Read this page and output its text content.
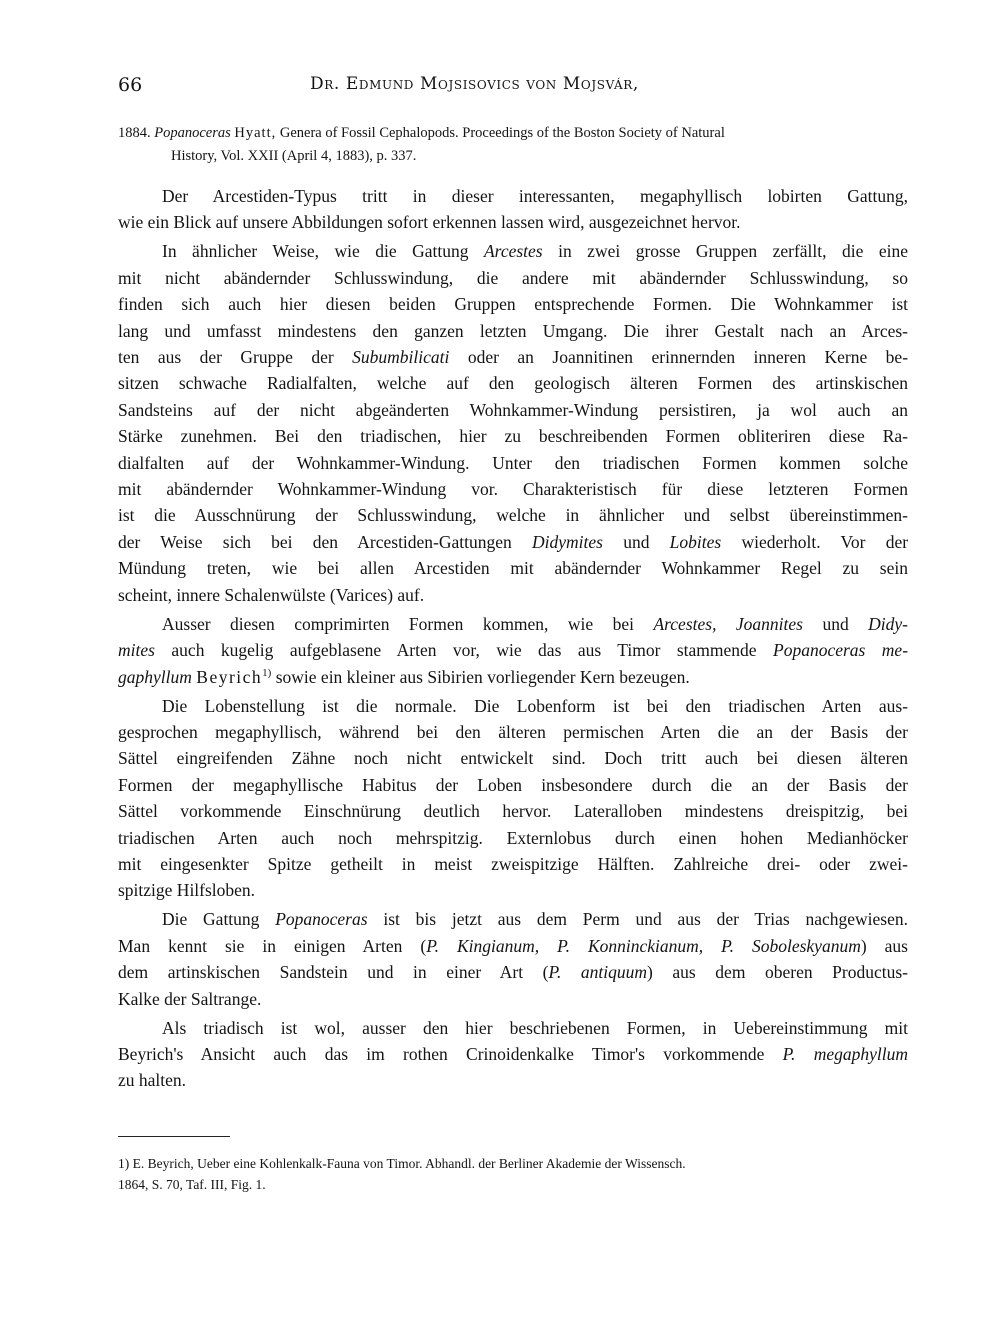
66	Dr. Edmund Mojsisovics von Mojsvár,
1884. Popanoceras Hyatt, Genera of Fossil Cephalopods. Proceedings of the Boston Society of Natural
History, Vol. XXII (April 4, 1883), p. 337.
Der Arcestiden-Typus tritt in dieser interessanten, megaphyllisch lobirten Gattung,
wie ein Blick auf unsere Abbildungen sofort erkennen lassen wird, ausgezeichnet hervor.
In ähnlicher Weise, wie die Gattung Arcestes in zwei grosse Gruppen zerfällt, die eine
mit nicht abändernder Schlusswindung, die andere mit abändernder Schlusswindung, so
finden sich auch hier diesen beiden Gruppen entsprechende Formen. Die Wohnkammer ist
lang und umfasst mindestens den ganzen letzten Umgang. Die ihrer Gestalt nach an Arces-
ten aus der Gruppe der Subumbilicati oder an Joannitinen erinnernden inneren Kerne be-
sitzen schwache Radialfalten, welche auf den geologisch älteren Formen des artinskischen
Sandsteins auf der nicht abgeänderten Wohnkammer-Windung persistiren, ja wol auch an
Stärke zunehmen. Bei den triadischen, hier zu beschreibenden Formen obliteriren diese Ra-
dialfalten auf der Wohnkammer-Windung. Unter den triadischen Formen kommen solche
mit abändernder Wohnkammer-Windung vor. Charakteristisch für diese letzteren Formen
ist die Ausschnürung der Schlusswindung, welche in ähnlicher und selbst übereinstimmen-
der Weise sich bei den Arcestiden-Gattungen Didymites und Lobites wiederholt. Vor der
Mündung treten, wie bei allen Arcestiden mit abändernder Wohnkammer Regel zu sein
scheint, innere Schalenwülste (Varices) auf.
Ausser diesen comprimirten Formen kommen, wie bei Arcestes, Joannites und Didy-
mites auch kugelig aufgeblasene Arten vor, wie das aus Timor stammende Popanoceras me-
gaphyllum Beyrich$^{1)}$ sowie ein kleiner aus Sibirien vorliegender Kern bezeugen.
Die Lobenstellung ist die normale. Die Lobenform ist bei den triadischen Arten aus-
gesprochen megaphyllisch, während bei den älteren permischen Arten die an der Basis der
Sättel eingreifenden Zähne noch nicht entwickelt sind. Doch tritt auch bei diesen älteren
Formen der megaphyllische Habitus der Loben insbesondere durch die an der Basis der
Sättel vorkommende Einschnürung deutlich hervor. Lateralloben mindestens dreispitzig, bei
triadischen Arten auch noch mehrspitzig. Externlobus durch einen hohen Medianhöcker
mit eingesenkter Spitze getheilt in meist zweispitzige Hälften. Zahlreiche drei- oder zwei-
spitzige Hilfsloben.
Die Gattung Popanoceras ist bis jetzt aus dem Perm und aus der Trias nachgewiesen.
Man kennt sie in einigen Arten (P. Kingianum, P. Konninckianum, P. Soboleskyanum) aus
dem artinskischen Sandstein und in einer Art (P. antiquum) aus dem oberen Productus-
Kalke der Saltrange.
Als triadisch ist wol, ausser den hier beschriebenen Formen, in Uebereinstimmung mit
Beyrich's Ansicht auch das im rothen Crinoidenkalke Timor's vorkommende P. megaphyllum
zu halten.
1) E. Beyrich, Ueber eine Kohlenkalk-Fauna von Timor. Abhandl. der Berliner Akademie der Wissensch.
1864, S. 70, Taf. III, Fig. 1.
